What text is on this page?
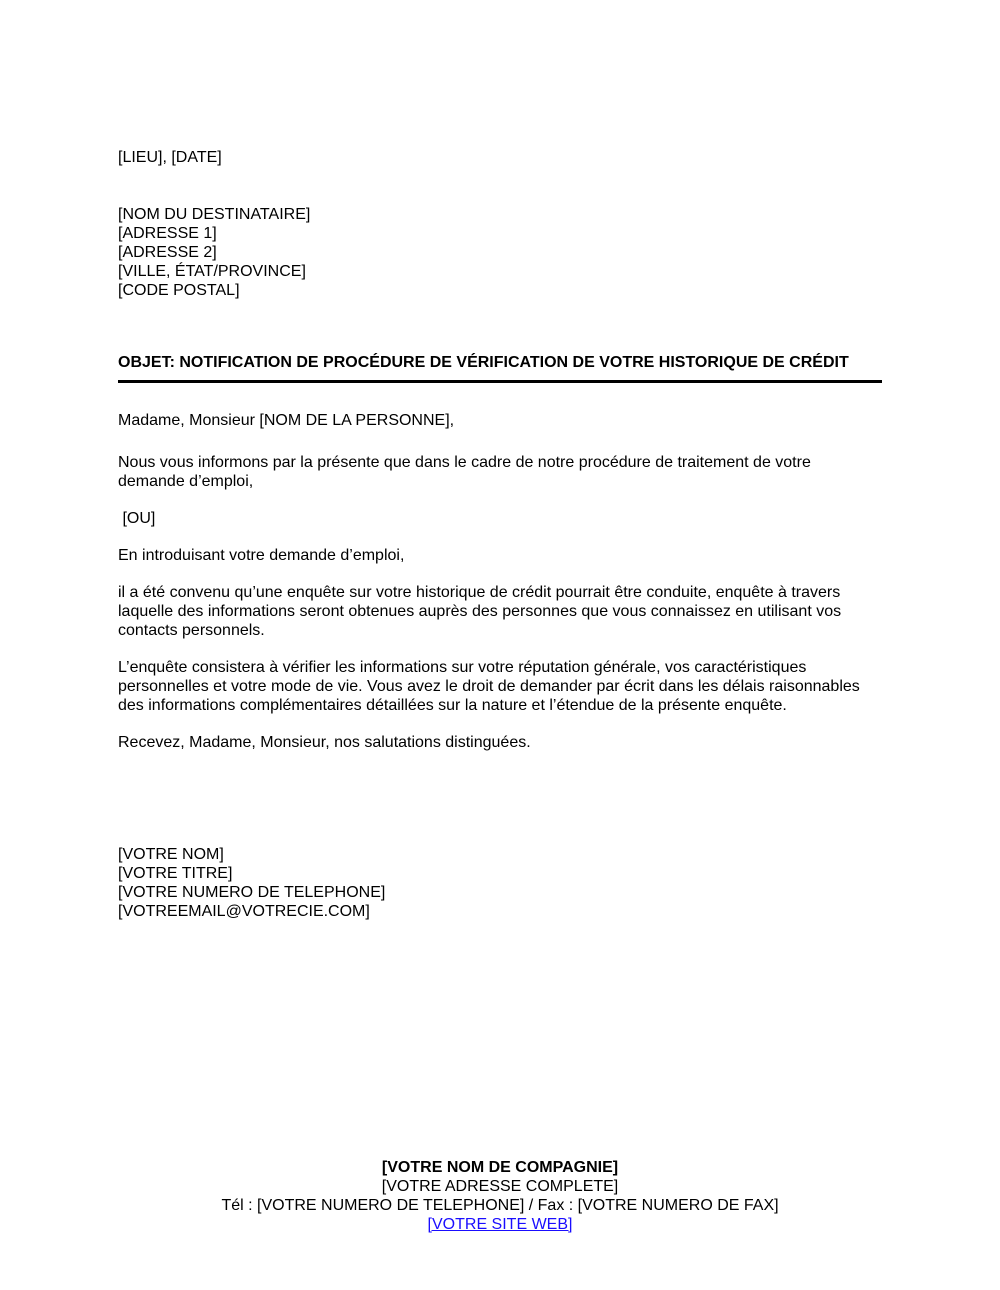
[LIEU], [DATE]
[NOM DU DESTINATAIRE]
[ADRESSE 1]
[ADRESSE 2]
[VILLE, ÉTAT/PROVINCE]
[CODE POSTAL]
OBJET: NOTIFICATION DE PROCÉDURE DE VÉRIFICATION DE VOTRE HISTORIQUE DE CRÉDIT
Madame, Monsieur [NOM DE LA PERSONNE],
Nous vous informons par la présente que dans le cadre de notre procédure de traitement de votre
demande d’emploi,
[OU]
En introduisant votre demande d’emploi,
il a été convenu qu’une enquête sur votre historique de crédit pourrait être conduite, enquête à travers
laquelle des informations seront obtenues auprès des personnes que vous connaissez en utilisant vos
contacts personnels.
L’enquête consistera à vérifier les informations sur votre réputation générale, vos caractéristiques
personnelles et votre mode de vie. Vous avez le droit de demander par écrit dans les délais raisonnables
des informations complémentaires détaillées sur la nature et l’étendue de la présente enquête.
Recevez, Madame, Monsieur, nos salutations distinguées.
[VOTRE NOM]
[VOTRE TITRE]
[VOTRE NUMERO DE TELEPHONE]
[VOTREEMAIL@VOTRECIE.COM]
[VOTRE NOM DE COMPAGNIE]
[VOTRE ADRESSE COMPLETE]
Tél : [VOTRE NUMERO DE TELEPHONE] / Fax : [VOTRE NUMERO DE FAX]
[VOTRE SITE WEB]
